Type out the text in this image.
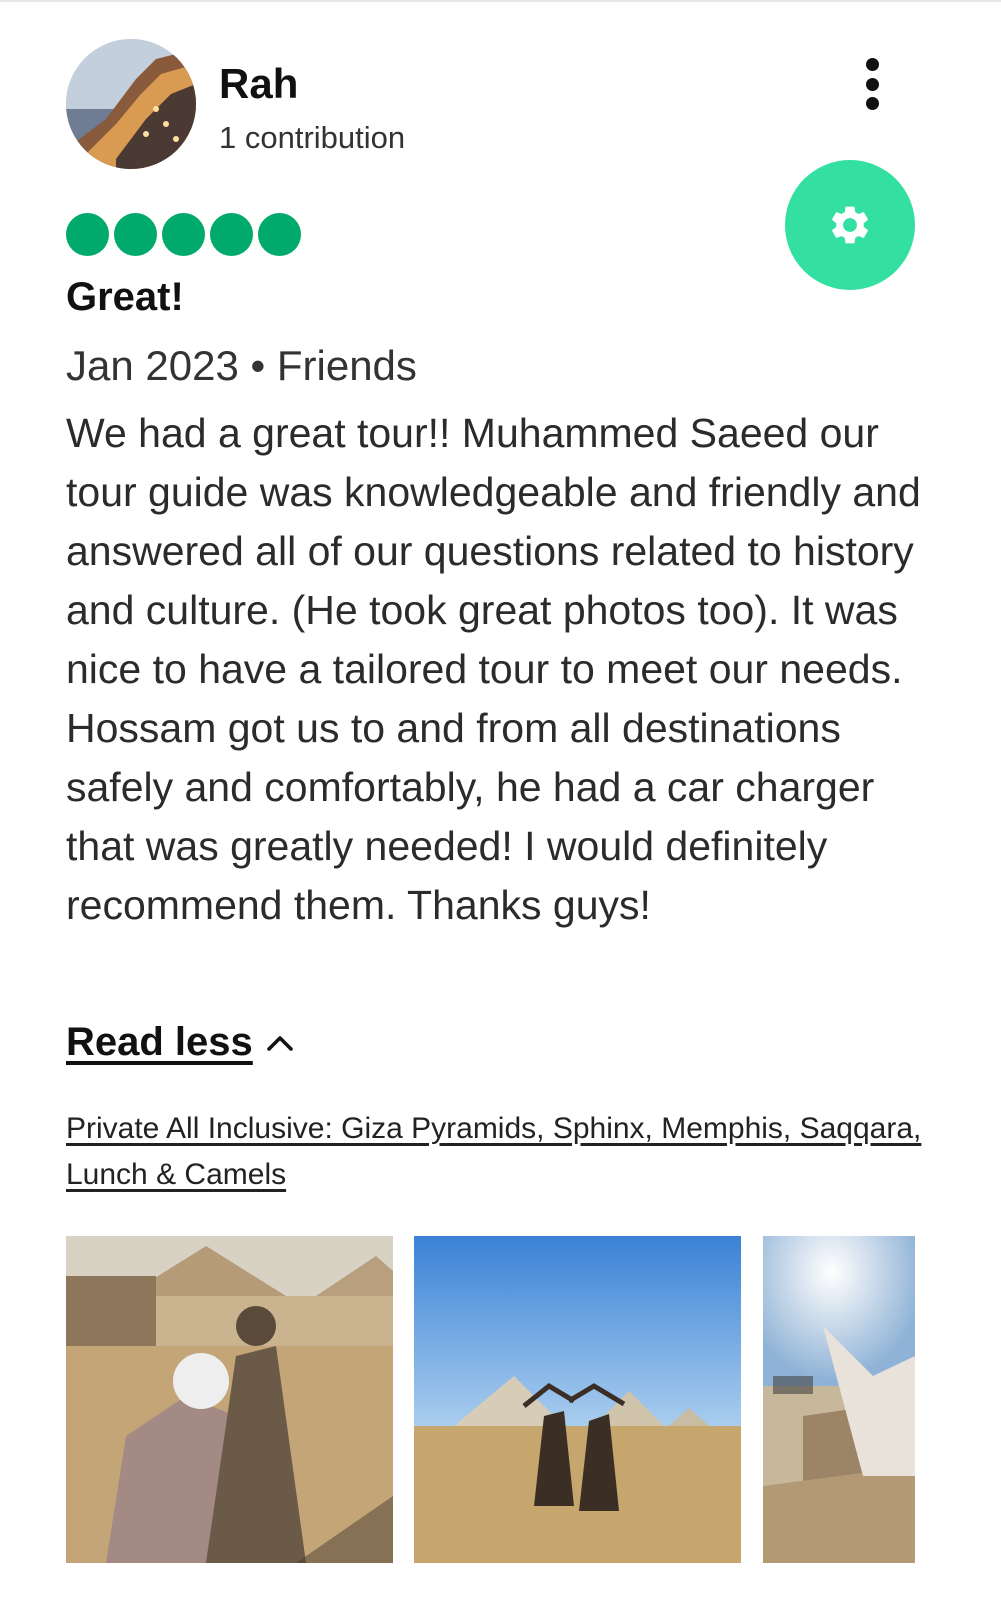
Rah
1 contribution
Great!
Jan 2023 • Friends

We had a great tour!! Muhammed Saeed our tour guide was knowledgeable and friendly and answered all of our questions related to history and culture. (He took great photos too). It was nice to have a tailored tour to meet our needs. Hossam got us to and from all destinations safely and comfortably, he had a car charger that was greatly needed! I would definitely recommend them. Thanks guys!

Read less
Private All Inclusive: Giza Pyramids, Sphinx, Memphis, Saqqara, Lunch & Camels
